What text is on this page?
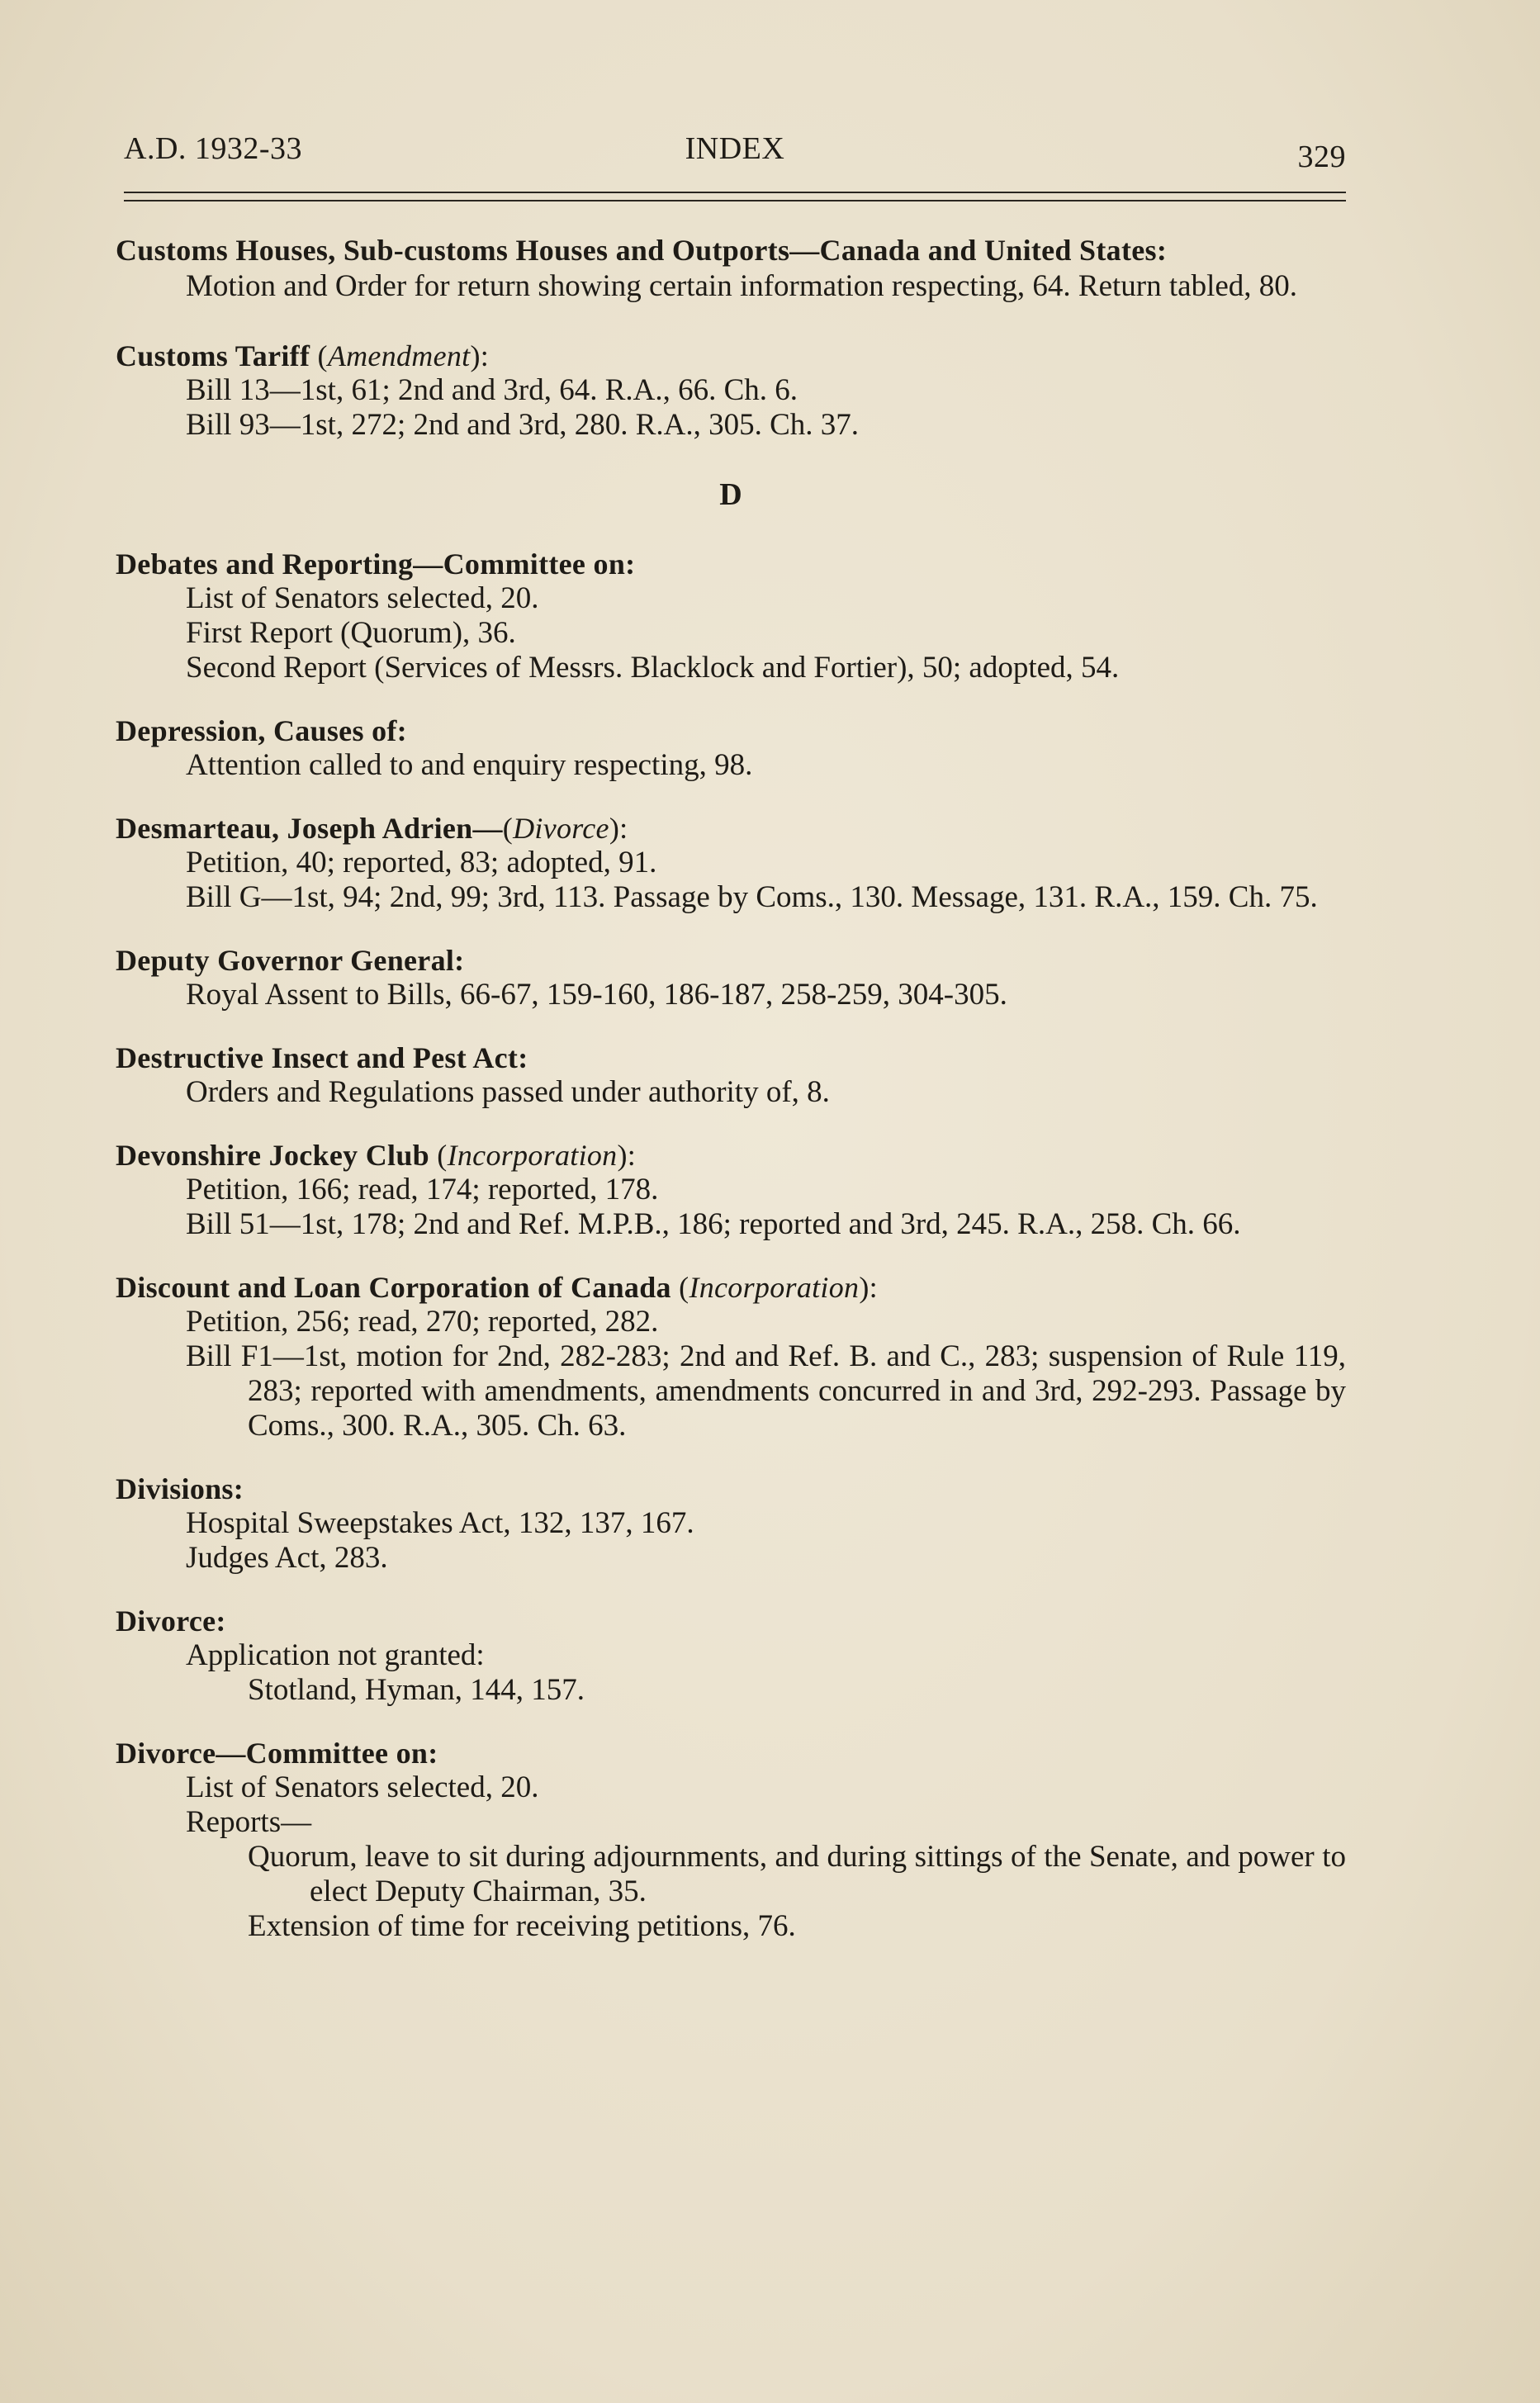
A.D. 1932-33	INDEX	329
Customs Houses, Sub-customs Houses and Outports—Canada and United States:
Motion and Order for return showing certain information respecting, 64. Return tabled, 80.
Customs Tariff (Amendment):
Bill 13—1st, 61; 2nd and 3rd, 64. R.A., 66. Ch. 6.
Bill 93—1st, 272; 2nd and 3rd, 280. R.A., 305. Ch. 37.
D
Debates and Reporting—Committee on:
List of Senators selected, 20.
First Report (Quorum), 36.
Second Report (Services of Messrs. Blacklock and Fortier), 50; adopted, 54.
Depression, Causes of:
Attention called to and enquiry respecting, 98.
Desmarteau, Joseph Adrien—(Divorce):
Petition, 40; reported, 83; adopted, 91.
Bill G—1st, 94; 2nd, 99; 3rd, 113. Passage by Coms., 130. Message, 131. R.A., 159. Ch. 75.
Deputy Governor General:
Royal Assent to Bills, 66-67, 159-160, 186-187, 258-259, 304-305.
Destructive Insect and Pest Act:
Orders and Regulations passed under authority of, 8.
Devonshire Jockey Club (Incorporation):
Petition, 166; read, 174; reported, 178.
Bill 51—1st, 178; 2nd and Ref. M.P.B., 186; reported and 3rd, 245. R.A., 258. Ch. 66.
Discount and Loan Corporation of Canada (Incorporation):
Petition, 256; read, 270; reported, 282.
Bill F1—1st, motion for 2nd, 282-283; 2nd and Ref. B. and C., 283; suspension of Rule 119, 283; reported with amendments, amendments concurred in and 3rd, 292-293. Passage by Coms., 300. R.A., 305. Ch. 63.
Divisions:
Hospital Sweepstakes Act, 132, 137, 167.
Judges Act, 283.
Divorce:
Application not granted:
Stotland, Hyman, 144, 157.
Divorce—Committee on:
List of Senators selected, 20.
Reports—
Quorum, leave to sit during adjournments, and during sittings of the Senate, and power to elect Deputy Chairman, 35.
Extension of time for receiving petitions, 76.
